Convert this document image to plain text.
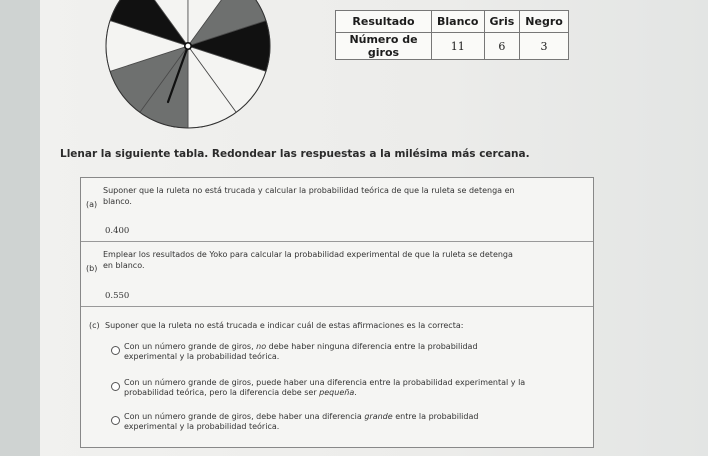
Resultado	Blanco	Gris	Negro
Número de giros	11	6	3
Llenar la siguiente tabla. Redondear las respuestas a la milésima más cercana.
(a)
Suponer que la ruleta no está trucada y calcular la probabilidad teórica de que la ruleta se detenga en
blanco.
0.400
(b)
Emplear los resultados de Yoko para calcular la probabilidad experimental de que la ruleta se detenga
en blanco.
0.550
(c) Suponer que la ruleta no está trucada e indicar cuál de estas afirmaciones es la correcta:
Con un número grande de giros, no debe haber ninguna diferencia entre la probabilidad
experimental y la probabilidad teórica.
Con un número grande de giros, puede haber una diferencia entre la probabilidad experimental y la
probabilidad teórica, pero la diferencia debe ser pequeña.
Con un número grande de giros, debe haber una diferencia grande entre la probabilidad
experimental y la probabilidad teórica.
